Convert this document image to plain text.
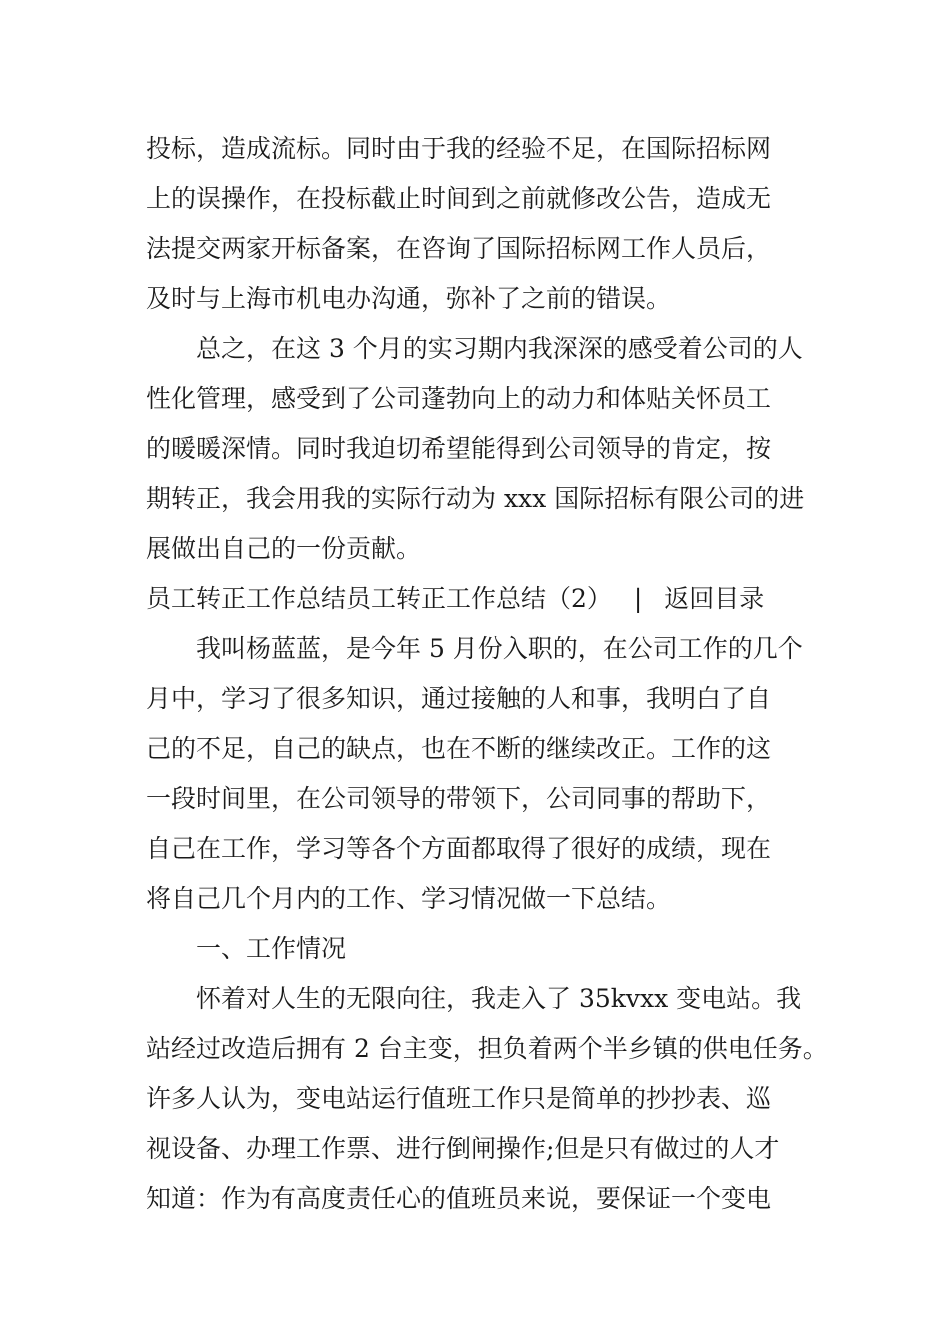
投标，造成流标。同时由于我的经验不足，在国际招标网
上的误操作，在投标截止时间到之前就修改公告，造成无
法提交两家开标备案，在咨询了国际招标网工作人员后，
及时与上海市机电办沟通，弥补了之前的错误。
总之，在这 3 个月的实习期内我深深的感受着公司的人
性化管理，感受到了公司蓬勃向上的动力和体贴关怀员工
的暖暖深情。同时我迫切希望能得到公司领导的肯定，按
期转正，我会用我的实际行动为 xxx 国际招标有限公司的进
展做出自己的一份贡献。
员工转正工作总结员工转正工作总结（2） | 返回目录
我叫杨蓝蓝，是今年 5 月份入职的，在公司工作的几个
月中，学习了很多知识，通过接触的人和事，我明白了自
己的不足，自己的缺点，也在不断的继续改正。工作的这
一段时间里，在公司领导的带领下，公司同事的帮助下，
自己在工作，学习等各个方面都取得了很好的成绩，现在
将自己几个月内的工作、学习情况做一下总结。
一、工作情况
怀着对人生的无限向往，我走入了 35kvxx 变电站。我
站经过改造后拥有 2 台主变，担负着两个半乡镇的供电任务。
许多人认为，变电站运行值班工作只是简单的抄抄表、巡
视设备、办理工作票、进行倒闸操作;但是只有做过的人才
知道：作为有高度责任心的值班员来说，要保证一个变电
